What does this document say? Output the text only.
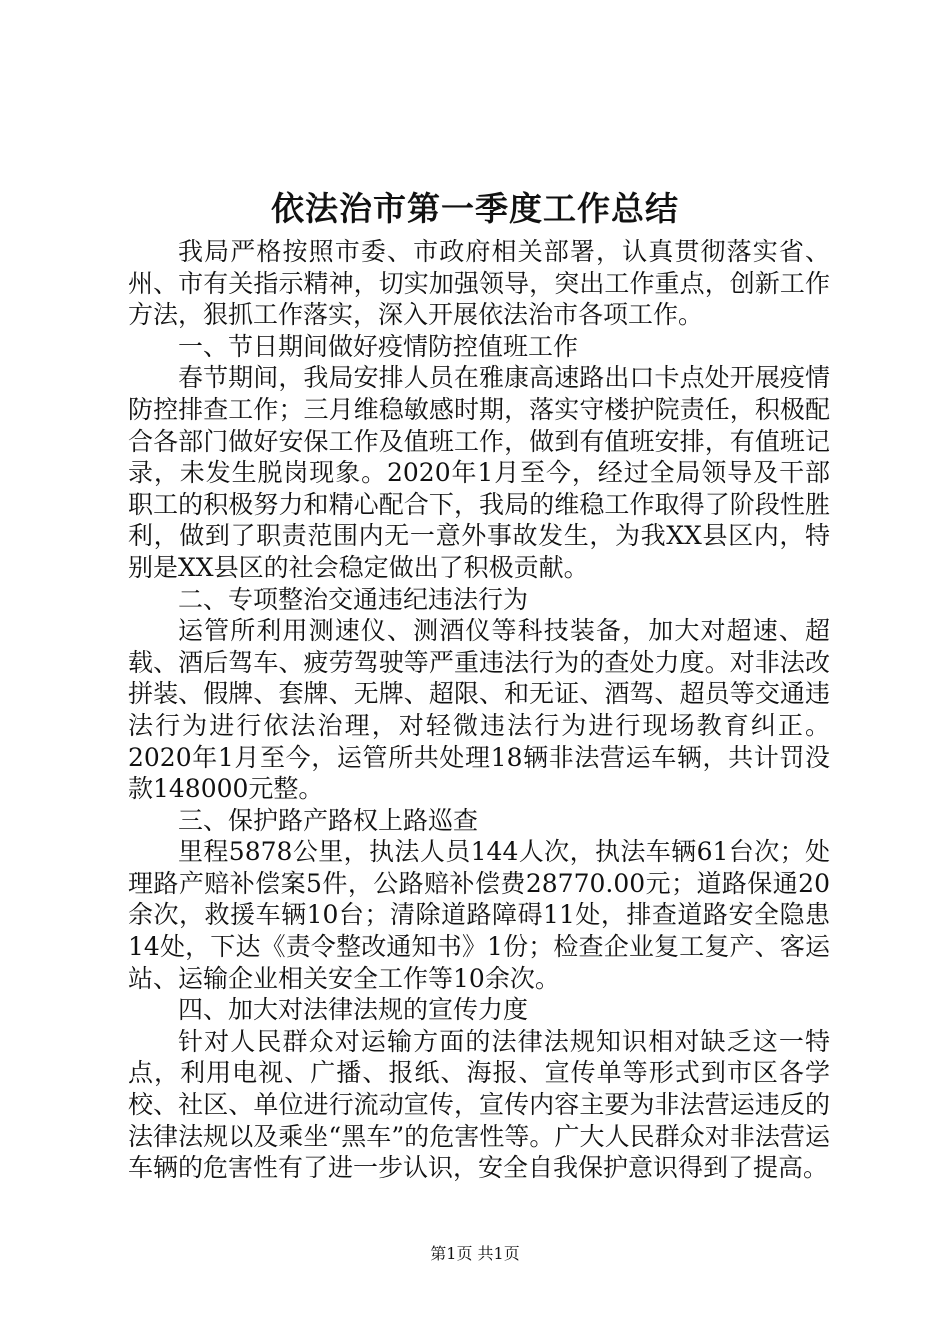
依法治市第一季度工作总结

我局严格按照市委、市政府相关部署，认真贯彻落实省、州、市有关指示精神，切实加强领导，突出工作重点，创新工作方法，狠抓工作落实，深入开展依法治市各项工作。

一、节日期间做好疫情防控值班工作

春节期间，我局安排人员在雅康高速路出口卡点处开展疫情防控排查工作；三月维稳敏感时期，落实守楼护院责任，积极配合各部门做好安保工作及值班工作，做到有值班安排，有值班记录，未发生脱岗现象。2020年1月至今，经过全局领导及干部职工的积极努力和精心配合下，我局的维稳工作取得了阶段性胜利，做到了职责范围内无一意外事故发生，为我XX县区内，特别是XX县区的社会稳定做出了积极贡献。

二、专项整治交通违纪违法行为

运管所利用测速仪、测酒仪等科技装备，加大对超速、超载、酒后驾车、疲劳驾驶等严重违法行为的查处力度。对非法改拼装、假牌、套牌、无牌、超限、和无证、酒驾、超员等交通违法行为进行依法治理，对轻微违法行为进行现场教育纠正。2020年1月至今，运管所共处理18辆非法营运车辆，共计罚没款148000元整。

三、保护路产路权上路巡查

里程5878公里，执法人员144人次，执法车辆61台次；处理路产赔补偿案5件，公路赔补偿费28770.00元；道路保通20余次，救援车辆10台；清除道路障碍11处，排查道路安全隐患14处，下达《责令整改通知书》1份；检查企业复工复产、客运站、运输企业相关安全工作等10余次。

四、加大对法律法规的宣传力度

针对人民群众对运输方面的法律法规知识相对缺乏这一特点，利用电视、广播、报纸、海报、宣传单等形式到市区各学校、社区、单位进行流动宣传，宣传内容主要为非法营运违反的法律法规以及乘坐“黑车”的危害性等。广大人民群众对非法营运车辆的危害性有了进一步认识，安全自我保护意识得到了提高。

第1页 共1页
